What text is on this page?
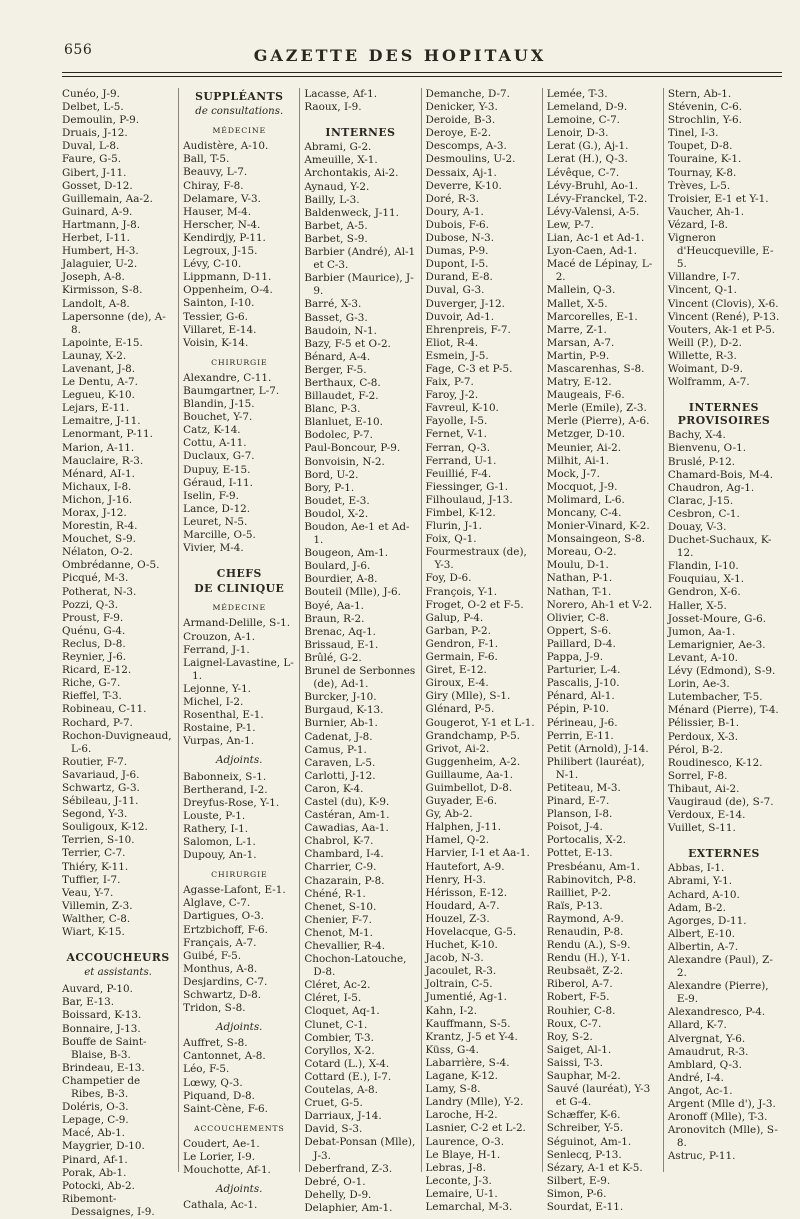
656	GAZETTE DES HOPITAUX
Cunéo, J-9.
Delbet, L-5.
Demoulin, P-9.
Druais, J-12.
Duval, L-8.
Faure, G-5.
Gibert, J-11.
Gosset, D-12.
Guillemain, Aa-2.
Guinard, A-9.
Hartmann, J-8.
Herbet, I-11.
Humbert, H-3.
Jalaguier, U-2.
Joseph, A-8.
Kirmisson, S-8.
Landolt, A-8.
Lapersonne (de), A-8.
Lapointe, E-15.
Launay, X-2.
Lavenant, J-8.
Le Dentu, A-7.
Legueu, K-10.
Lejars, E-11.
Lemaitre, J-11.
Lenormant, P-11.
Marion, A-11.
Mauclaire, R-3.
Ménard, AI-1.
Michaux, I-8.
Michon, J-16.
Morax, J-12.
Morestin, R-4.
Mouchet, S-9.
Nélaton, O-2.
Ombrédanne, O-5.
Picqué, M-3.
Potherat, N-3.
Pozzi, Q-3.
Proust, F-9.
Quénu, G-4.
Reclus, D-8.
Reynier, J-6.
Ricard, E-12.
Riche, G-7.
Rieffel, T-3.
Robineau, C-11.
Rochard, P-7.
Rochon-Duvigneaud, L-6.
Routier, F-7.
Savariaud, J-6.
Schwartz, G-3.
Sébileau, J-11.
Segond, Y-3.
Souligoux, K-12.
Terrien, S-10.
Terrier, C-7.
Thiéry, K-11.
Tuffier, I-7.
Veau, Y-7.
Villemin, Z-3.
Walther, C-8.
Wiart, K-15.
ACCOUCHEURS
et assistants.
Auvard, P-10.
Bar, E-13.
Boissard, K-13.
Bonnaire, J-13.
Bouffe de Saint-Blaise, B-3.
Brindeau, E-13.
Champetier de Ribes, B-3.
Doléris, O-3.
Lepage, C-9.
Macé, Ab-1.
Maygrier, D-10.
Pinard, Af-1.
Porak, Ab-1.
Potocki, Ab-2.
Ribemont-Dessaignes, I-9.
SUPPLÉANTS
de consultations.
MÉDECINE
Audistère, A-10.
Ball, T-5.
Beauvy, L-7.
Chiray, F-8.
Delamare, V-3.
Hauser, M-4.
Herscher, N-4.
Kendirdjy, P-11.
Legroux, J-15.
Lévy, C-10.
Lippmann, D-11.
Oppenheim, O-4.
Sainton, I-10.
Tessier, G-6.
Villaret, E-14.
Voisin, K-14.
CHIRURGIE
Alexandre, C-11.
Baumgartner, L-7.
Blandin, J-15.
Bouchet, Y-7.
Catz, K-14.
Cottu, A-11.
Duclaux, G-7.
Dupuy, E-15.
Géraud, I-11.
Iselin, F-9.
Lance, D-12.
Leuret, N-5.
Marcille, O-5.
Vivier, M-4.
CHEFS
DE CLINIQUE
MÉDECINE
Armand-Delille, S-1.
Crouzon, A-1.
Ferrand, J-1.
Laignel-Lavastine, L-1.
Lejonne, Y-1.
Michel, I-2.
Rosenthal, E-1.
Rostaine, P-1.
Vurpas, An-1.
Adjoints.
Babonneix, S-1.
Bertherand, I-2.
Dreyfus-Rose, Y-1.
Louste, P-1.
Rathery, I-1.
Salomon, L-1.
Dupouy, An-1.
CHIRURGIE
Agasse-Lafont, E-1.
Alglave, C-7.
Dartigues, O-3.
Ertzbichoff, F-6.
Français, A-7.
Guibé, F-5.
Monthus, A-8.
Desjardins, C-7.
Schwartz, D-8.
Tridon, S-8.
Adjoints.
Auffret, S-8.
Cantonnet, A-8.
Léo, F-5.
Lœwy, Q-3.
Piquand, D-8.
Saint-Cène, F-6.
ACCOUCHEMENTS
Coudert, Ae-1.
Le Lorier, I-9.
Mouchotte, Af-1.
Adjoints.
Cathala, Ac-1.
Lacasse, Af-1.
Raoux, I-9.
INTERNES
Abrami, G-2.
Ameuille, X-1.
Archontakis, Ai-2.
Aynaud, Y-2.
Bailly, L-3.
Baldenweck, J-11.
Barbet, A-5.
Barbet, S-9.
Barbier (André), Al-1 et C-3.
Barbier (Maurice), J-9.
Barré, X-3.
Basset, G-3.
Baudoin, N-1.
Bazy, F-5 et O-2.
Bénard, A-4.
Berger, F-5.
Berthaux, C-8.
Billaudet, F-2.
Blanc, P-3.
Blanluet, E-10.
Bodolec, P-7.
Paul-Boncour, P-9.
Bonvoisin, N-2.
Bord, U-2.
Bory, P-1.
Boudet, E-3.
Boudol, X-2.
Boudon, Ae-1 et Ad-1.
Bougeon, Am-1.
Boulard, J-6.
Bourdier, A-8.
Bouteil (Mlle), J-6.
Boyé, Aa-1.
Braun, R-2.
Brenac, Aq-1.
Brissaud, E-1.
Brûlé, G-2.
Brunel de Serbonnes (de), Ad-1.
Burcker, J-10.
Burgaud, K-13.
Burnier, Ab-1.
Cadenat, J-8.
Camus, P-1.
Caraven, L-5.
Carlotti, J-12.
Caron, K-4.
Castel (du), K-9.
Castéran, Am-1.
Cawadias, Aa-1.
Chabrol, K-7.
Chambard, I-4.
Charrier, C-9.
Chazarain, P-8.
Chéné, R-1.
Chenet, S-10.
Chenier, F-7.
Chenot, M-1.
Chevallier, R-4.
Chochon-Latouche, D-8.
Cléret, Ac-2.
Cléret, I-5.
Cloquet, Aq-1.
Clunet, C-1.
Combier, T-3.
Coryllos, X-2.
Cotard (L.), X-4.
Cottard (E.), I-7.
Coutelas, A-8.
Cruet, G-5.
Darriaux, J-14.
David, S-3.
Debat-Ponsan (Mlle), J-3.
Deberfrand, Z-3.
Debré, O-1.
Dehelly, D-9.
Delaphier, Am-1.
Demanche, D-7.
Denicker, Y-3.
Deroide, B-3.
Deroye, E-2.
Descomps, A-3.
Desmoulins, U-2.
Dessaix, Aj-1.
Deverre, K-10.
Doré, R-3.
Doury, A-1.
Dubois, F-6.
Dubose, N-3.
Dumas, P-9.
Dupont, I-5.
Durand, E-8.
Duval, G-3.
Duverger, J-12.
Duvoir, Ad-1.
Ehrenpreis, F-7.
Eliot, R-4.
Esmein, J-5.
Fage, C-3 et P-5.
Faix, P-7.
Faroy, J-2.
Favreul, K-10.
Fayolle, I-5.
Fernet, V-1.
Ferran, Q-3.
Ferrand, U-1.
Feuillié, F-4.
Fiessinger, G-1.
Filhoulaud, J-13.
Fimbel, K-12.
Flurin, J-1.
Foix, Q-1.
Fourmestraux (de), Y-3.
Foy, D-6.
François, Y-1.
Froget, O-2 et F-5.
Galup, P-4.
Garban, P-2.
Gendron, F-1.
Germain, F-6.
Giret, E-12.
Giroux, E-4.
Giry (Mlle), S-1.
Glénard, P-5.
Gougerot, Y-1 et L-1.
Grandchamp, P-5.
Grivot, Ai-2.
Guggenheim, A-2.
Guillaume, Aa-1.
Guimbellot, D-8.
Guyader, E-6.
Gy, Ab-2.
Halphen, J-11.
Hamel, Q-2.
Harvier, I-1 et Aa-1.
Hautefort, A-9.
Henry, H-3.
Hérisson, E-12.
Houdard, A-7.
Houzel, Z-3.
Hovelacque, G-5.
Huchet, K-10.
Jacob, N-3.
Jacoulet, R-3.
Joltrain, C-5.
Jumentié, Ag-1.
Kahn, I-2.
Kauffmann, S-5.
Krantz, J-5 et Y-4.
Küss, G-4.
Labarrière, S-4.
Lagane, K-12.
Lamy, S-8.
Landry (Mlle), Y-2.
Laroche, H-2.
Lasnier, C-2 et L-2.
Laurence, O-3.
Le Blaye, H-1.
Lebras, J-8.
Leconte, J-3.
Lemaire, U-1.
Lemarchal, M-3.
Lemée, T-3.
Lemeland, D-9.
Lemoine, C-7.
Lenoir, D-3.
Lerat (G.), Aj-1.
Lerat (H.), Q-3.
Lévêque, C-7.
Lévy-Bruhl, Ao-1.
Lévy-Franckel, T-2.
Lévy-Valensi, A-5.
Lew, P-7.
Lian, Ac-1 et Ad-1.
Lyon-Caen, Ad-1.
Macé de Lépinay, L-2.
Mallein, Q-3.
Mallet, X-5.
Marcorelles, E-1.
Marre, Z-1.
Marsan, A-7.
Martin, P-9.
Mascarenhas, S-8.
Matry, E-12.
Maugeais, F-6.
Merle (Emile), Z-3.
Merle (Pierre), A-6.
Metzger, D-10.
Meunier, Ai-2.
Milhit, Ai-1.
Mock, J-7.
Mocquot, J-9.
Molimard, L-6.
Moncany, C-4.
Monier-Vinard, K-2.
Monsaingeon, S-8.
Moreau, O-2.
Moulu, D-1.
Nathan, P-1.
Nathan, T-1.
Norero, Ah-1 et V-2.
Olivier, C-8.
Oppert, S-6.
Paillard, D-4.
Pappa, J-9.
Parturier, L-4.
Pascalis, J-10.
Pénard, Al-1.
Pépin, P-10.
Périneau, J-6.
Perrin, E-11.
Petit (Arnold), J-14.
Philibert (lauréat), N-1.
Petiteau, M-3.
Pinard, E-7.
Planson, I-8.
Poisot, J-4.
Portocalis, X-2.
Pottet, E-13.
Presbéanu, Am-1.
Rabinovitch, P-8.
Railliet, P-2.
Raïs, P-13.
Raymond, A-9.
Renaudin, P-8.
Rendu (A.), S-9.
Rendu (H.), Y-1.
Reubsaët, Z-2.
Riberol, A-7.
Robert, F-5.
Rouhier, C-8.
Roux, C-7.
Roy, S-2.
Saiget, Al-1.
Saissi, T-3.
Sauphar, M-2.
Sauvé (lauréat), Y-3 et G-4.
Schæffer, K-6.
Schreiber, Y-5.
Séguinot, Am-1.
Senlecq, P-13.
Sézary, A-1 et K-5.
Silbert, E-9.
Simon, P-6.
Sourdat, E-11.
Stern, Ab-1.
Stévenin, C-6.
Strochlin, Y-6.
Tinel, I-3.
Toupet, D-8.
Touraine, K-1.
Tournay, K-8.
Trèves, L-5.
Troisier, E-1 et Y-1.
Vaucher, Ah-1.
Vézard, I-8.
Vigneron d'Heucqueville, E-5.
Villandre, I-7.
Vincent, Q-1.
Vincent (Clovis), X-6.
Vincent (René), P-13.
Vouters, Ak-1 et P-5.
Weill (P.), D-2.
Willette, R-3.
Woimant, D-9.
Wolframm, A-7.
INTERNES PROVISOIRES
Bachy, X-4.
Bienvenu, O-1.
Bruslé, P-12.
Chamard-Bois, M-4.
Chaudron, Ag-1.
Clarac, J-15.
Cesbron, C-1.
Douay, V-3.
Duchet-Suchaux, K-12.
Flandin, I-10.
Fouquiau, X-1.
Gendron, X-6.
Haller, X-5.
Josset-Moure, G-6.
Jumon, Aa-1.
Lemarignier, Ae-3.
Levant, A-10.
Lévy (Edmond), S-9.
Lorin, Ae-3.
Lutembacher, T-5.
Ménard (Pierre), T-4.
Pélissier, B-1.
Perdoux, X-3.
Pérol, B-2.
Roudinesco, K-12.
Sorrel, F-8.
Thibaut, Ai-2.
Vaugiraud (de), S-7.
Verdoux, E-14.
Vuillet, S-11.
EXTERNES
Abbas, I-1.
Abrami, Y-1.
Achard, A-10.
Adam, B-2.
Agorges, D-11.
Albert, E-10.
Albertin, A-7.
Alexandre (Paul), Z-2.
Alexandre (Pierre), E-9.
Alexandresco, P-4.
Allard, K-7.
Alvergnat, Y-6.
Amaudrut, R-3.
Amblard, Q-3.
André, I-4.
Angot, Ac-1.
Argent (Mlle d'), J-3.
Aronoff (Mlle), T-3.
Aronovitch (Mlle), S-8.
Astruc, P-11.
